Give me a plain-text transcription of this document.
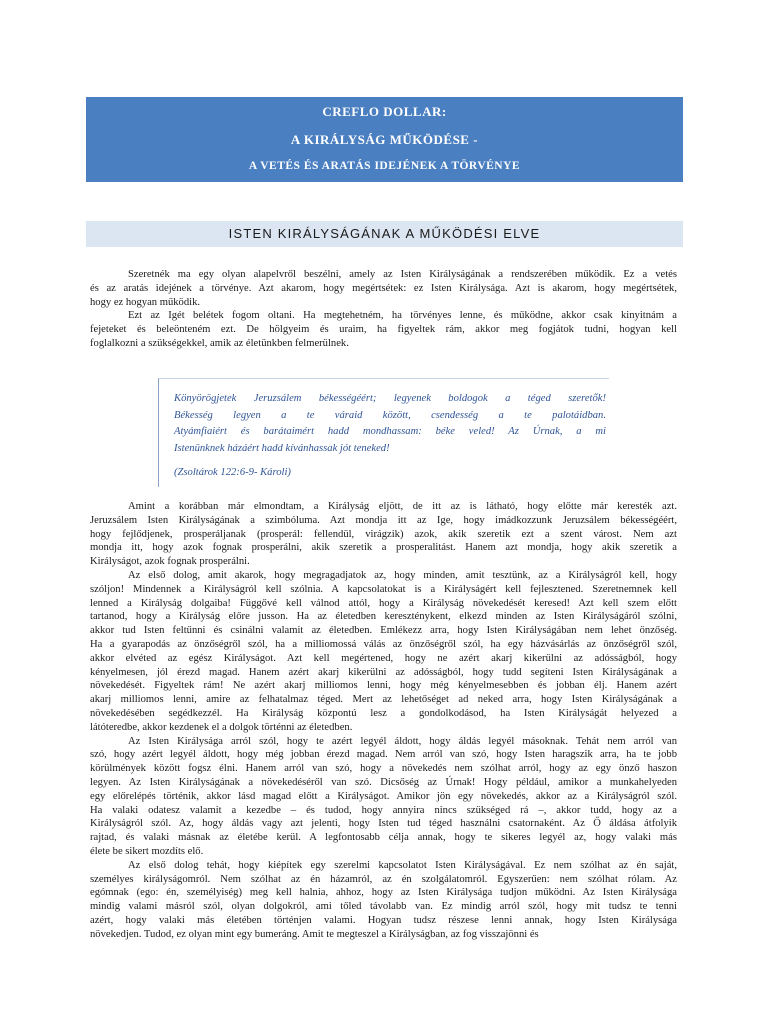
CREFLO DOLLAR:
A KIRÁLYSÁG MŰKÖDÉSE -
A VETÉS ÉS ARATÁS IDEJÉNEK A TÖRVÉNYE
ISTEN KIRÁLYSÁGÁNAK A MŰKÖDÉSI ELVE
Szeretnék ma egy olyan alapelvről beszélni, amely az Isten Királyságának a rendszerében működik. Ez a vetés
és az aratás idejének a törvénye. Azt akarom, hogy megértsétek: ez Isten Királysága. Azt is akarom, hogy megértsétek,
hogy ez hogyan működik.
Ezt az Igét belétek fogom oltani. Ha megtehetném, ha törvényes lenne, és működne, akkor csak kinyitnám a
fejeteket és beleönteném ezt. De hölgyeim és uraim, ha figyeltek rám, akkor meg fogjátok tudni, hogyan kell
foglalkozni a szükségekkel, amik az életünkben felmerülnek.
Könyörögjetek Jeruzsálem békességéért; legyenek boldogok a téged szeretők!
Békesség legyen a te váraid között, csendesség a te palotáidban.
Atyámfiaiért és barátaimért hadd mondhassam: béke veled! Az Úrnak, a mi
Istenünknek házáért hadd kívánhassak jót teneked!
(Zsoltárok 122:6-9- Károli)
Amint a korábban már elmondtam, a Királyság eljött, de itt az is látható, hogy előtte már keresték azt.
Jeruzsálem Isten Királyságának a szimbóluma. Azt mondja itt az Ige, hogy imádkozzunk Jeruzsálem békességéért,
hogy fejlődjenek, prosperáljanak (prosperál: fellendül, virágzik) azok, akik szeretik ezt a szent várost. Nem azt
mondja itt, hogy azok fognak prosperálni, akik szeretik a prosperalitást. Hanem azt mondja, hogy akik szeretik a
Királyságot, azok fognak prosperálni.
Az első dolog, amit akarok, hogy megragadjatok az, hogy minden, amit tesztünk, az a Királyságról kell, hogy
szóljon! Mindennek a Királyságról kell szólnia. A kapcsolatokat is a Királyságért kell fejlesztened. Szeretnemnek kell
lenned a Királyság dolgaiba! Függővé kell válnod attól, hogy a Királyság növekedését keresed! Azt kell szem előtt
tartanod, hogy a Királyság előre jusson. Ha az életedben kereszténykent, elkezd minden az Isten Királyságáról szólni,
akkor tud Isten feltűnni és csinálni valamit az életedben. Emlékezz arra, hogy Isten Királyságában nem lehet önzőség.
Ha a gyarapodás az önzőségről szól, ha a milliomossá válás az önzőségről szól, ha egy házvásárlás az önzőségről szól,
akkor elvéted az egész Királyságot. Azt kell megértened, hogy ne azért akarj kikerülni az adósságból, hogy
kényelmesen, jól érezd magad. Hanem azért akarj kikerülni az adósságból, hogy tudd segíteni Isten Királyságának a
növekedését. Figyeltek rám! Ne azért akarj milliomos lenni, hogy még kényelmesebben és jobban élj. Hanem azért
akarj milliomos lenni, amire az felhatalmaz téged. Mert az lehetőséget ad neked arra, hogy Isten Királyságának a
növekedésében segédkezzél. Ha Királyság központú lesz a gondolkodásod, ha Isten Királyságát helyezed a
látóteredbe, akkor kezdenek el a dolgok történni az életedben.
Az Isten Királysága arról szól, hogy te azért legyél áldott, hogy áldás legyél másoknak. Tehát nem arról van
szó, hogy azért legyél áldott, hogy még jobban érezd magad. Nem arról van szó, hogy Isten haragszik arra, ha te jobb
körülmények között fogsz élni. Hanem arról van szó, hogy a növekedés nem szólhat arról, hogy az egy önző haszon
legyen. Az Isten Királyságának a növekedéséről van szó. Dicsőség az Úrnak! Hogy például, amikor a munkahelyeden
egy előrelépés történik, akkor lásd magad előtt a Királyságot. Amikor jön egy növekedés, akkor az a Királyságról szól.
Ha valaki odatesz valamit a kezedbe – és tudod, hogy annyira nincs szükséged rá –, akkor tudd, hogy az a
Királyságról szól. Az, hogy áldás vagy azt jelenti, hogy Isten tud téged használni csatornaként. Az Ő áldása átfolyik
rajtad, és valaki másnak az életébe kerül. A legfontosabb célja annak, hogy te sikeres legyél az, hogy valaki más
élete be sikert mozdíts elő.
Az első dolog tehát, hogy kiépítek egy szerelmi kapcsolatot Isten Királyságával. Ez nem szólhat az én saját,
személyes királyságomról. Nem szólhat az én házamról, az én szolgálatomról. Egyszerűen: nem szólhat rólam. Az
egómnak (ego: én, személyiség) meg kell halnia, ahhoz, hogy az Isten Királysága tudjon működni. Az Isten Királysága
mindig valami másról szól, olyan dolgokról, ami tőled távolabb van. Ez mindig arról szól, hogy mit tudsz te tenni
azért, hogy valaki más életében történjen valami. Hogyan tudsz részese lenni annak, hogy Isten Királysága
növekedjen. Tudod, ez olyan mint egy bumeráng. Amit te megteszel a Királyságban, az fog visszajönni és
